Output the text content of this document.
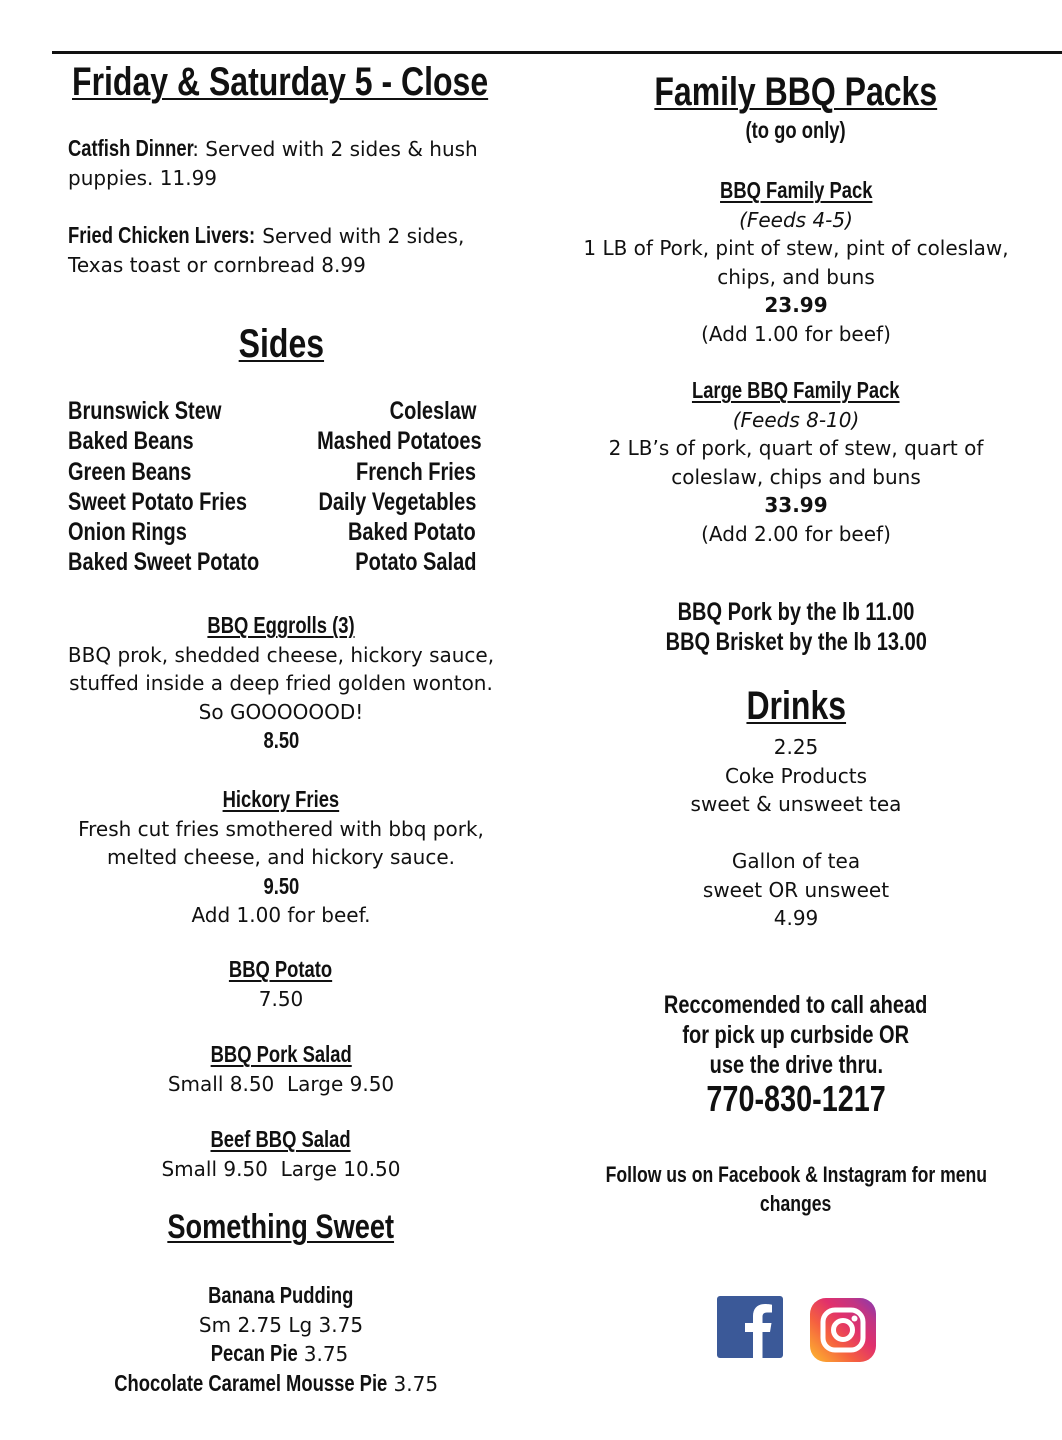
Friday & Saturday 5 - Close
Catfish Dinner: Served with 2 sides & hush
puppies. 11.99
Fried Chicken Livers: Served with 2 sides,
Texas toast or cornbread 8.99
Sides
Brunswick Stew
Baked Beans
Green Beans
Sweet Potato Fries
Onion Rings
Baked Sweet Potato
Coleslaw
Mashed Potatoes
French Fries
Daily Vegetables
Baked Potato
Potato Salad
BBQ Eggrolls (3)
BBQ prok, shedded cheese, hickory sauce,
stuffed inside a deep fried golden wonton.
So GOOOOOOD!
8.50
Hickory Fries
Fresh cut fries smothered with bbq pork,
melted cheese, and hickory sauce.
9.50
Add 1.00 for beef.
BBQ Potato
7.50
BBQ Pork Salad
Small 8.50  Large 9.50
Beef BBQ Salad
Small 9.50  Large 10.50
Something Sweet
Banana Pudding
Sm 2.75 Lg 3.75
Pecan Pie 3.75
Chocolate Caramel Mousse Pie 3.75
Family BBQ Packs
(to go only)
BBQ Family Pack
(Feeds 4-5)
1 LB of Pork, pint of stew, pint of coleslaw,
chips, and buns
23.99
(Add 1.00 for beef)
Large BBQ Family Pack
(Feeds 8-10)
2 LB’s of pork, quart of stew, quart of
coleslaw, chips and buns
33.99
(Add 2.00 for beef)
BBQ Pork by the lb 11.00
BBQ Brisket by the lb 13.00
Drinks
2.25
Coke Products
sweet & unsweet tea
Gallon of tea
sweet OR unsweet
4.99
Reccomended to call ahead
for pick up curbside OR
use the drive thru.
770-830-1217
Follow us on Facebook & Instagram for menu
changes
